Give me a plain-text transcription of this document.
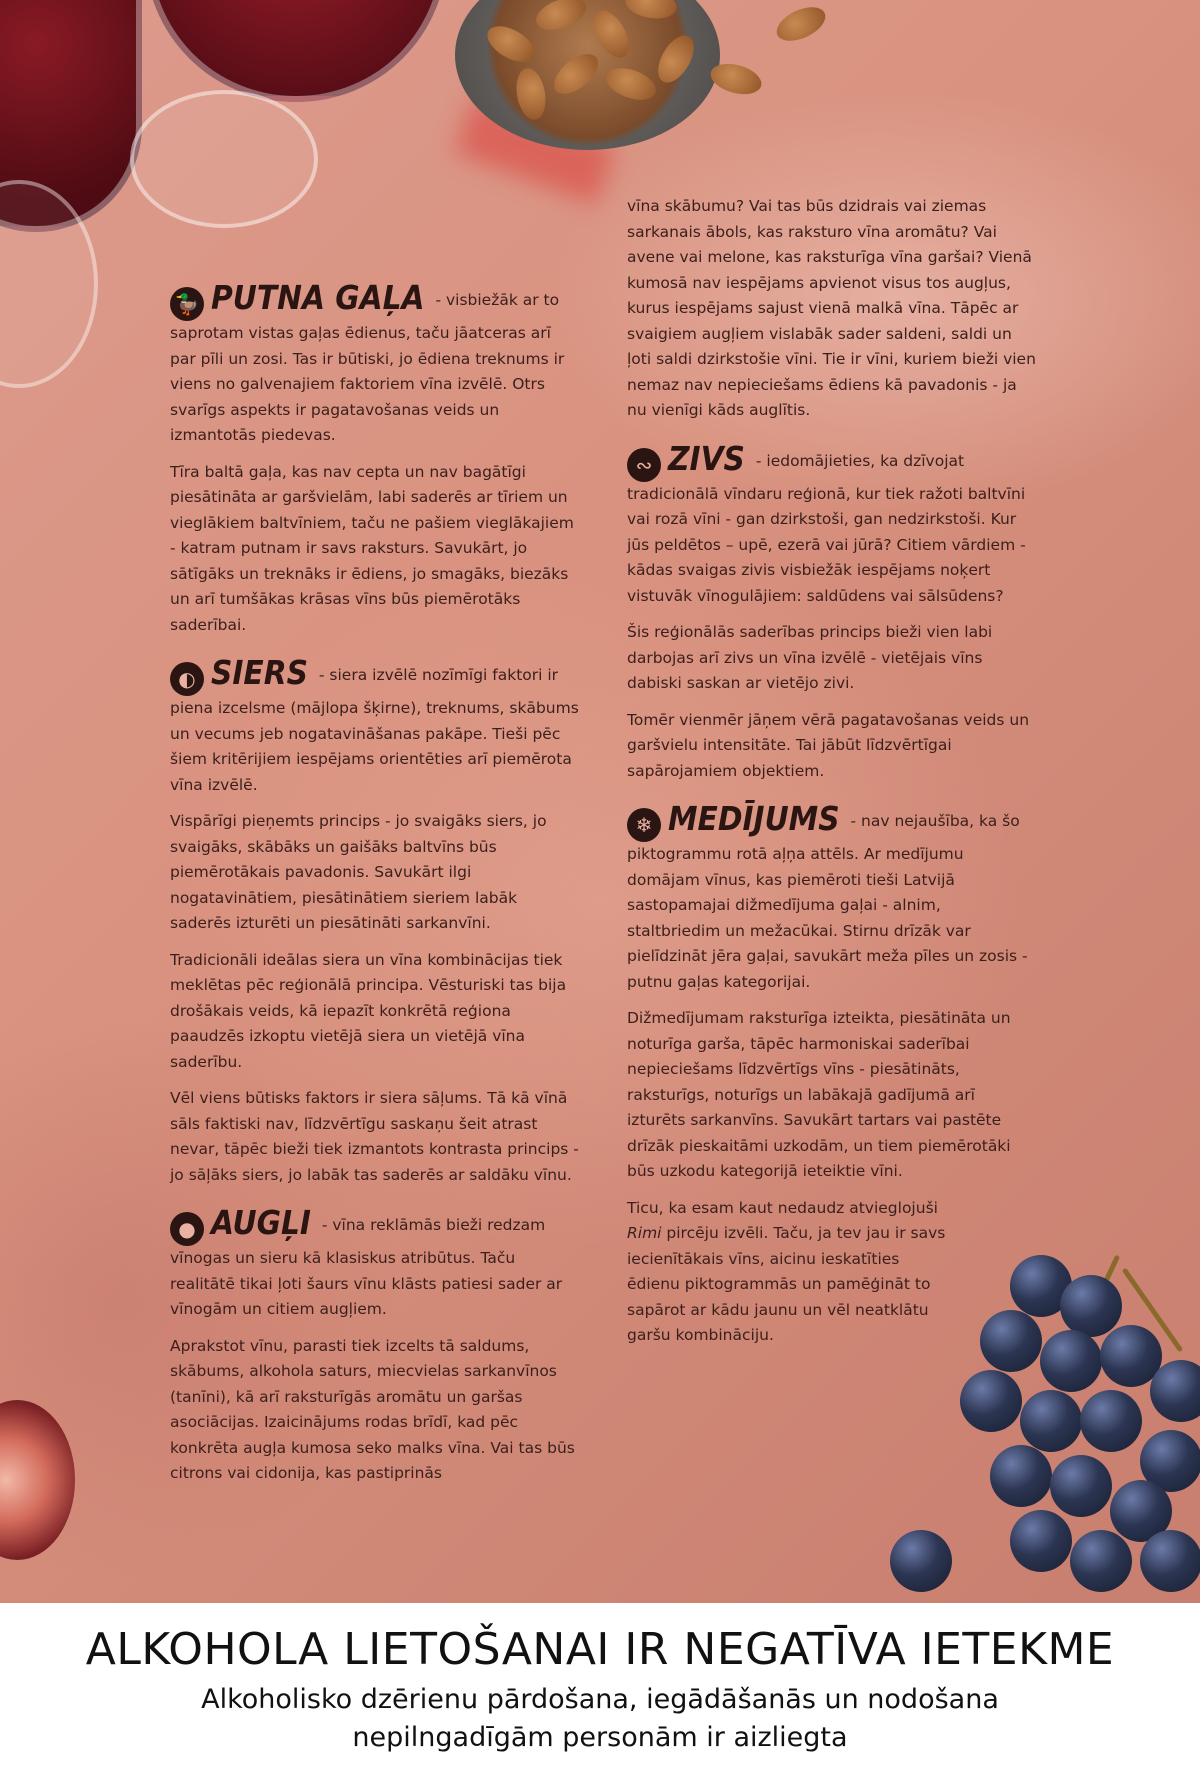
🦆 PUTNA GAĻA - visbiežāk ar to saprotam vistas gaļas ēdienus, taču jāatceras arī par pīli un zosi. Tas ir būtiski, jo ēdiena treknums ir viens no galvenajiem faktoriem vīna izvēlē. Otrs svarīgs aspekts ir pagatavošanas veids un izmantotās piedevas.

Tīra baltā gaļa, kas nav cepta un nav bagātīgi piesātināta ar garšvielām, labi saderēs ar tīriem un vieglākiem baltvīniem, taču ne pašiem vieglākajiem - katram putnam ir savs raksturs. Savukārt, jo sātīgāks un treknāks ir ēdiens, jo smagāks, biezāks un arī tumšākas krāsas vīns būs piemērotāks saderībai.

◐ SIERS - siera izvēlē nozīmīgi faktori ir piena izcelsme (mājlopa šķirne), treknums, skābums un vecums jeb nogatavināšanas pakāpe. Tieši pēc šiem kritērijiem iespējams orientēties arī piemērota vīna izvēlē.

Vispārīgi pieņemts princips - jo svaigāks siers, jo svaigāks, skābāks un gaišāks baltvīns būs piemērotākais pavadonis. Savukārt ilgi nogatavinātiem, piesātinātiem sieriem labāk saderēs izturēti un piesātināti sarkanvīni.

Tradicionāli ideālas siera un vīna kombinācijas tiek meklētas pēc reģionālā principa. Vēsturiski tas bija drošākais veids, kā iepazīt konkrētā reģiona paaudzēs izkoptu vietējā siera un vietējā vīna saderību.

Vēl viens būtisks faktors ir siera sāļums. Tā kā vīnā sāls faktiski nav, līdzvērtīgu saskaņu šeit atrast nevar, tāpēc bieži tiek izmantots kontrasta princips - jo sāļāks siers, jo labāk tas saderēs ar saldāku vīnu.

● AUGĻI - vīna reklāmās bieži redzam vīnogas un sieru kā klasiskus atribūtus. Taču realitātē tikai ļoti šaurs vīnu klāsts patiesi sader ar vīnogām un citiem augļiem.

Aprakstot vīnu, parasti tiek izcelts tā saldums, skābums, alkohola saturs, miecvielas sarkanvīnos (tanīni), kā arī raksturīgās aromātu un garšas asociācijas. Izaicinājums rodas brīdī, kad pēc konkrēta augļa kumosa seko malks vīna. Vai tas būs citrons vai cidonija, kas pastiprinās

vīna skābumu? Vai tas būs dzidrais vai ziemas sarkanais ābols, kas raksturo vīna aromātu? Vai avene vai melone, kas raksturīga vīna garšai? Vienā kumosā nav iespējams apvienot visus tos augļus, kurus iespējams sajust vienā malkā vīna. Tāpēc ar svaigiem augļiem vislabāk sader saldeni, saldi un ļoti saldi dzirkstošie vīni. Tie ir vīni, kuriem bieži vien nemaz nav nepieciešams ēdiens kā pavadonis - ja nu vienīgi kāds auglītis.

∾ ZIVS - iedomājieties, ka dzīvojat tradicionālā vīndaru reģionā, kur tiek ražoti baltvīni vai rozā vīni - gan dzirkstoši, gan nedzirkstoši. Kur jūs peldētos – upē, ezerā vai jūrā? Citiem vārdiem - kādas svaigas zivis visbiežāk iespējams noķert vistuvāk vīnogulājiem: saldūdens vai sālsūdens?

Šis reģionālās saderības princips bieži vien labi darbojas arī zivs un vīna izvēlē - vietējais vīns dabiski saskan ar vietējo zivi.

Tomēr vienmēr jāņem vērā pagatavošanas veids un garšvielu intensitāte. Tai jābūt līdzvērtīgai sapārojamiem objektiem.

❄ MEDĪJUMS - nav nejaušība, ka šo piktogrammu rotā aļņa attēls. Ar medījumu domājam vīnus, kas piemēroti tieši Latvijā sastopamajai dižmedījuma gaļai - alnim, staltbriedim un mežacūkai. Stirnu drīzāk var pielīdzināt jēra gaļai, savukārt meža pīles un zosis - putnu gaļas kategorijai.

Dižmedījumam raksturīga izteikta, piesātināta un noturīga garša, tāpēc harmoniskai saderībai nepieciešams līdzvērtīgs vīns - piesātināts, raksturīgs, noturīgs un labākajā gadījumā arī izturēts sarkanvīns. Savukārt tartars vai pastēte drīzāk pieskaitāmi uzkodām, un tiem piemērotāki būs uzkodu kategorijā ieteiktie vīni.

Ticu, ka esam kaut nedaudz atvieglojuši Rimi pircēju izvēli. Taču, ja tev jau ir savs iecienītākais vīns, aicinu ieskatīties ēdienu piktogrammās un pamēģināt to sapārot ar kādu jaunu un vēl neatklātu
garšu kombināciju.

ALKOHOLA LIETOŠANAI IR NEGATĪVA IETEKME
Alkoholisko dzērienu pārdošana, iegādāšanās un nodošana
nepilngadīgām personām ir aizliegta
